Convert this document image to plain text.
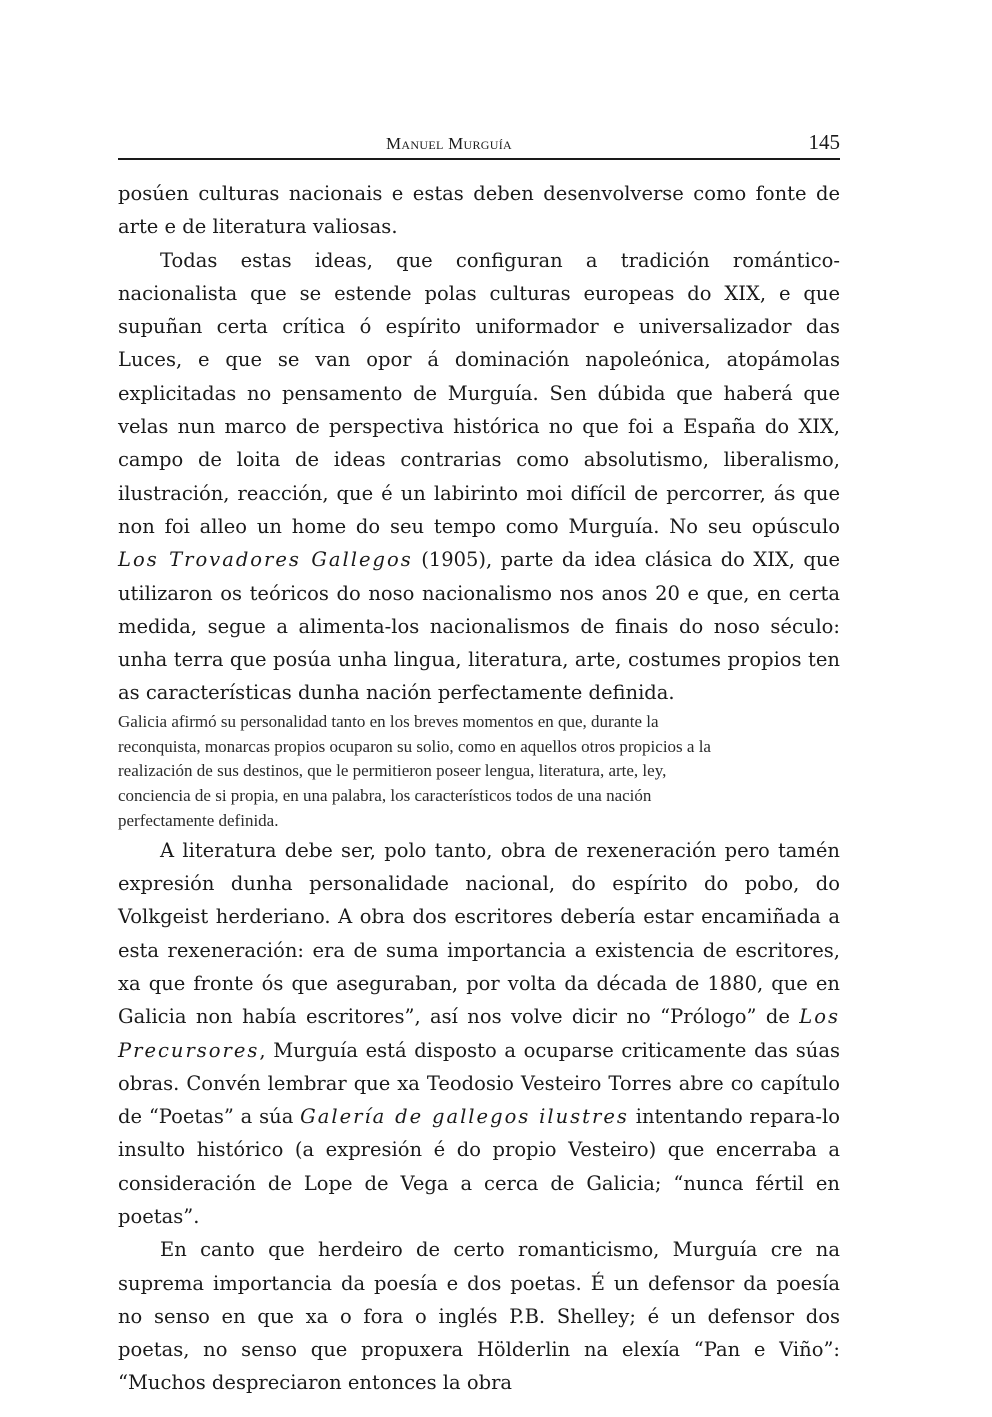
Manuel Murguía	145

posúen culturas nacionais e estas deben desenvolverse como fonte de arte e de literatura valiosas.

Todas estas ideas, que configuran a tradición romántico-nacionalista que se estende polas culturas europeas do XIX, e que supuñan certa crítica ó espírito uniformador e universalizador das Luces, e que se van opor á dominación napoleónica, atopámolas explicitadas no pensamento de Murguía. Sen dúbida que haberá que velas nun marco de perspectiva histórica no que foi a España do XIX, campo de loita de ideas contrarias como absolutismo, liberalismo, ilustración, reacción, que é un labirinto moi difícil de percorrer, ás que non foi alleo un home do seu tempo como Murguía. No seu opúsculo Los Trovadores Gallegos (1905), parte da idea clásica do XIX, que utilizaron os teóricos do noso nacionalismo nos anos 20 e que, en certa medida, segue a alimenta-los nacionalismos de finais do noso século: unha terra que posúa unha lingua, literatura, arte, costumes propios ten as características dunha nación perfectamente definida.

Galicia afirmó su personalidad tanto en los breves momentos en que, durante la reconquista, monarcas propios ocuparon su solio, como en aquellos otros propicios a la realización de sus destinos, que le permitieron poseer lengua, literatura, arte, ley, conciencia de si propia, en una palabra, los característicos todos de una nación perfectamente definida.

A literatura debe ser, polo tanto, obra de rexeneración pero tamén expresión dunha personalidade nacional, do espírito do pobo, do Volkgeist herderiano. A obra dos escritores debería estar encamiñada a esta rexeneración: era de suma importancia a existencia de escritores, xa que fronte ós que aseguraban, por volta da década de 1880, que en Galicia non había escritores”, así nos volve dicir no “Prólogo” de Los Precursores, Murguía está disposto a ocuparse criticamente das súas obras. Convén lembrar que xa Teodosio Vesteiro Torres abre co capítulo de “Poetas” a súa Galería de gallegos ilustres intentando repara-lo insulto histórico (a expresión é do propio Vesteiro) que encerraba a consideración de Lope de Vega a cerca de Galicia; “nunca fértil en poetas”.

En canto que herdeiro de certo romanticismo, Murguía cre na suprema importancia da poesía e dos poetas. É un defensor da poesía no senso en que xa o fora o inglés P.B. Shelley; é un defensor dos poetas, no senso que propuxera Hölderlin na elexía “Pan e Viño”: “Muchos despreciaron entonces la obra
